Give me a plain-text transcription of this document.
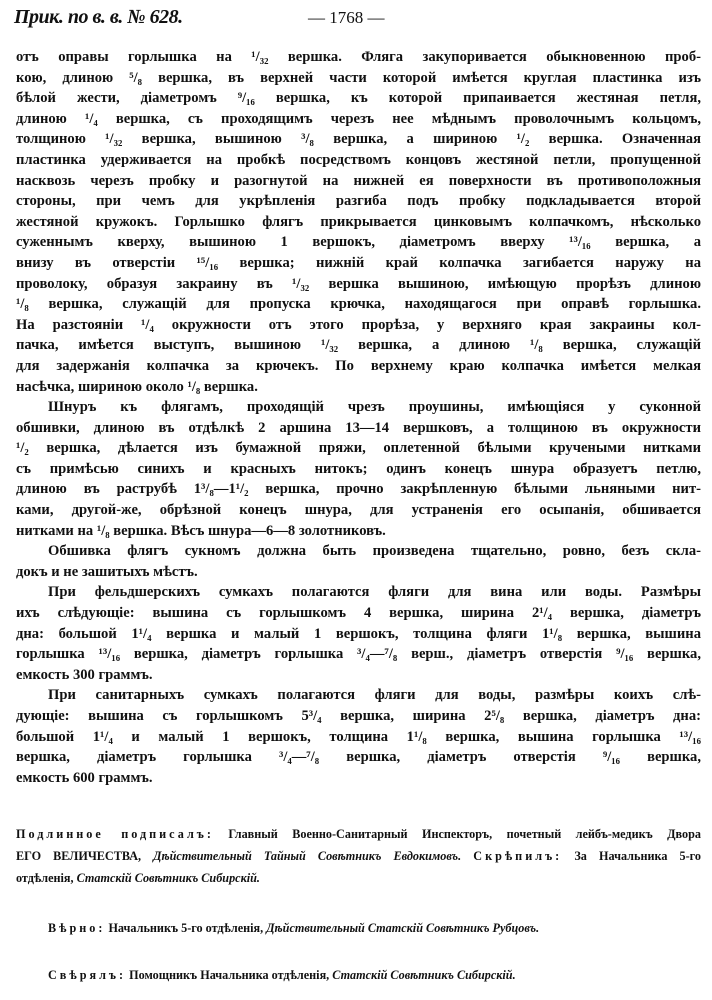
Прик. по в. в. № 628.	— 1768 —
отъ оправы горлышка на ¹/₃₂ вершка. Фляга закупоривается обыкновенною проб-
кою, длиною ⁵/₈ вершка, въ верхней части которой имѣется круглая пластинка изъ
бѣлой жести, діаметромъ ⁹/₁₆ вершка, къ которой припаивается жестяная петля,
длиною ¹/₄ вершка, съ проходящимъ черезъ нее мѣднымъ проволочнымъ кольцомъ,
толщиною ¹/₃₂ вершка, вышиною ³/₈ вершка, а шириною ¹/₂ вершка. Означенная
пластинка удерживается на пробкѣ посредствомъ концовъ жестяной петли, пропущенной
насквозь черезъ пробку и разогнутой на нижней ея поверхности въ противоположныя
стороны, при чемъ для укрѣпленія разгиба подъ пробку подкладывается второй
жестяной кружокъ. Горлышко флягъ прикрывается цинковымъ колпачкомъ, нѣсколько
суженнымъ кверху, вышиною 1 вершокъ, діаметромъ вверху ¹³/₁₆ вершка, а
внизу въ отверстіи ¹⁵/₁₆ вершка; нижній край колпачка загибается наружу на
проволоку, образуя закраину въ ¹/₃₂ вершка вышиною, имѣющую прорѣзъ длиною
¹/₈ вершка, служащій для пропуска крючка, находящагося при оправѣ горлышка.
На разстояніи ¹/₄ окружности отъ этого прорѣза, у верхняго края закраины кол-
пачка, имѣется выступъ, вышиною ¹/₃₂ вершка, а длиною ¹/₈ вершка, служащій
для задержанія колпачка за крючекъ. По верхнему краю колпачка имѣется мелкая
насѣчка, шириною около ¹/₈ вершка.
Шнуръ къ флягамъ, проходящій чрезъ проушины, имѣющіяся у суконной
обшивки, длиною въ отдѣлкѣ 2 аршина 13—14 вершковъ, а толщиною въ окружности
¹/₂ вершка, дѣлается изъ бумажной пряжи, оплетенной бѣлыми кручеными нитками
съ примѣсью синихъ и красныхъ нитокъ; одинъ конецъ шнура образуетъ петлю,
длиною въ раструбѣ 1³/₈—1¹/₂ вершка, прочно закрѣпленную бѣлыми льняными нит-
ками, другой-же, обрѣзной конецъ шнура, для устраненія его осыпанія, обшивается
нитками на ¹/₈ вершка. Вѣсъ шнура—6—8 золотниковъ.
Обшивка флягъ сукномъ должна быть произведена тщательно, ровно, безъ скла-
докъ и не зашитыхъ мѣстъ.
При фельдшерскихъ сумкахъ полагаются фляги для вина или воды. Размѣры
ихъ слѣдующіе: вышина съ горлышкомъ 4 вершка, ширина 2¹/₄ вершка, діаметръ
дна: большой 1¹/₄ вершка и малый 1 вершокъ, толщина фляги 1¹/₈ вершка, вышина
горлышка ¹³/₁₆ вершка, діаметръ горлышка ³/₄—⁷/₈ верш., діаметръ отверстія ⁹/₁₆ вершка,
емкость 300 граммъ.
При санитарныхъ сумкахъ полагаются фляги для воды, размѣры коихъ слѣ-
дующіе: вышина съ горлышкомъ 5³/₄ вершка, ширина 2⁵/₈ вершка, діаметръ дна:
большой 1¹/₄ и малый 1 вершокъ, толщина 1¹/₈ вершка, вышина горлышка ¹³/₁₆
вершка, діаметръ горлышка ³/₄—⁷/₈ вершка, діаметръ отверстія ⁹/₁₆ вершка,
емкость 600 граммъ.
Подлинное подписалъ: Главный Военно-Санитарный Инспекторъ, почетный лейбъ-медикъ Двора
ЕГО ВЕЛИЧЕСТВА, Дѣйствительный Тайный Совѣтникъ Евдокимовъ. Скрѣпилъ: За Начальника 5-го
отдѣленія, Статскій Совѣтникъ Сибирскій.
Вѣрно: Начальникъ 5-го отдѣленія, Дѣйствительный Статскій Совѣтникъ Рубцовъ.
Свѣрялъ: Помощникъ Начальника отдѣленія, Статскій Совѣтникъ Сибирскій.
